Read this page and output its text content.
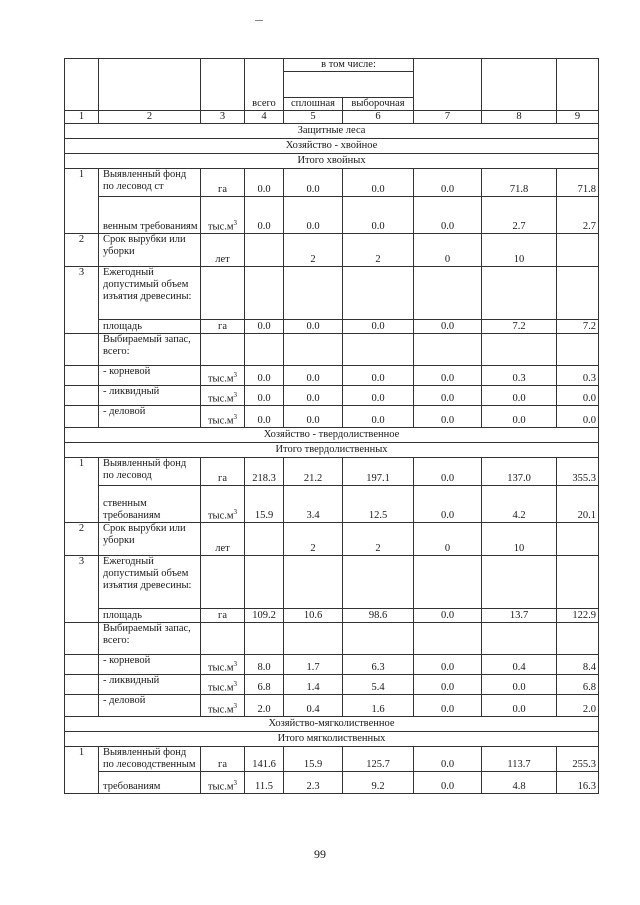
			всего	в том числе:				

				сплошная	выборочная			
1	2	3	4	5	6	7	8	9
Защитные леса								
Хозяйство - хвойное								
Итого хвойных								
1	Выявленный фонд по лесовод ст	га	0.0	0.0	0.0	0.0	71.8	71.8
	венным требованиям	$тыс.м^3$	0.0	0.0	0.0	0.0	2.7	2.7
2	Срок вырубки или уборки	лет		2	2	0	10	
3	Ежегодный допустимый объем изъятия древесины:							
	площадь	га	0.0	0.0	0.0	0.0	7.2	7.2
	Выбираемый запас, всего:							
	- корневой	$тыс.м^3$	0.0	0.0	0.0	0.0	0.3	0.3
	- ликвидный	$тыс.м^3$	0.0	0.0	0.0	0.0	0.0	0.0
	- деловой	$тыс.м^3$	0.0	0.0	0.0	0.0	0.0	0.0
Хозяйство - твердолиственное								
Итого твердолиственных								
1	Выявленный фонд по лесовод	га	218.3	21.2	197.1	0.0	137.0	355.3
	ственным требованиям	$тыс.м^3$	15.9	3.4	12.5	0.0	4.2	20.1
2	Срок вырубки или уборки	лет		2	2	0	10	
3	Ежегодный допустимый объем изъятия древесины:							
	площадь	га	109.2	10.6	98.6	0.0	13.7	122.9
	Выбираемый запас, всего:							
	- корневой	$тыс.м^3$	8.0	1.7	6.3	0.0	0.4	8.4
	- ликвидный	$тыс.м^3$	6.8	1.4	5.4	0.0	0.0	6.8
	- деловой	$тыс.м^3$	2.0	0.4	1.6	0.0	0.0	2.0
Хозяйство-мягколиственное								
Итого мягколиственных								
1	Выявленный фонд по лесоводственным	га	141.6	15.9	125.7	0.0	113.7	255.3
	требованиям	$тыс.м^3$	11.5	2.3	9.2	0.0	4.8	16.3
99
